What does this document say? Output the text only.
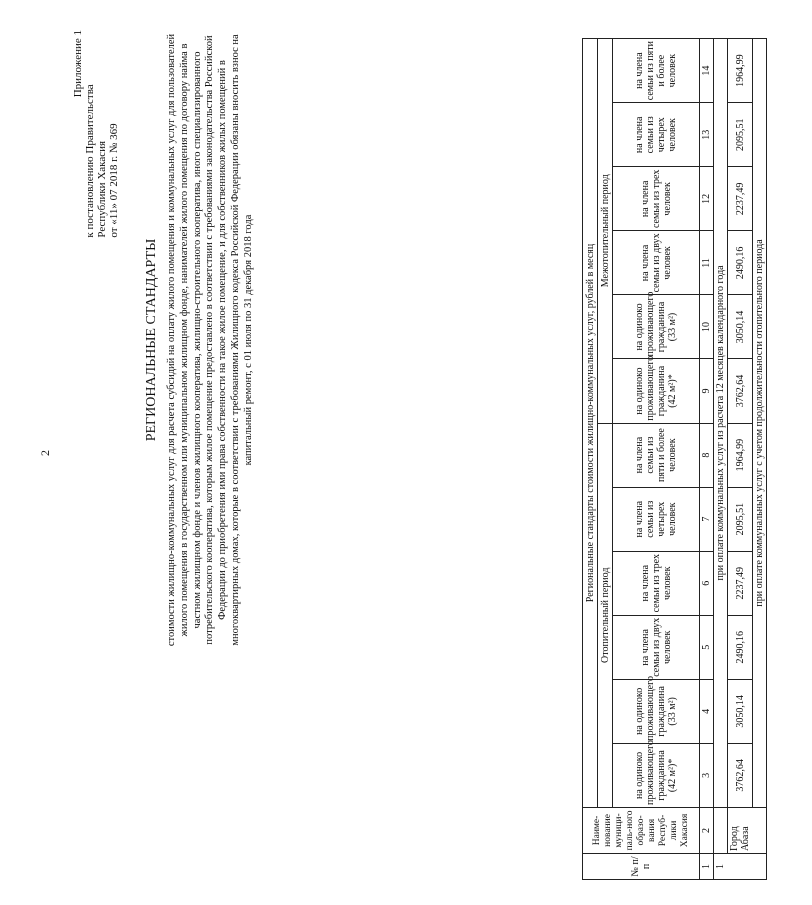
2
Приложение 1
к постановлению Правительства Республики Хакасия от «11» 07 2018 г. № 369
РЕГИОНАЛЬНЫЕ СТАНДАРТЫ стоимости жилищно-коммунальных услуг для расчета субсидий на оплату жилого помещения и коммунальных услуг для пользователей жилого помещения в государственном или муниципальном жилищном фонде, нанимателей жилого помещения по договору найма в частном жилищном фонде и членов жилищного кооператива, жилищно-строительного кооператива, иного специализированного потребительского кооператива, которым жилое помещение предоставлено в соответствии с требованиями законодательства Российской Федерации до приобретения ими права собственности на такое жилое помещение, и для собственников жилых помещений в многоквартирных домах, которые в соответствии с требованиями Жилищного кодекса Российской Федерации обязаны вносить взнос на капитальный ремонт, с 01 июля по 31 декабря 2018 года
№ п/п	Наиме-нование муници-паль-ного образо-вания Респуб-лики Хакасия	Региональные стандарты стоимости жилищно-коммунальных услуг, рублей в месяц											
		Отопительный период						Межотопительный период					
		на одиноко проживающего гражданина (42 м²)*	на одиноко проживающего гражданина (33 м²)	на члена семьи из двух человек	на члена семьи из трех человек	на члена семьи из четырех человек	на члена семьи из пяти и более человек	на одиноко проживающего гражданина (42 м²)*	на одиноко проживающего гражданина (33 м²)	на члена семьи из двух человек	на члена семьи из трех человек	на члена семьи из четырех человек	на члена семьи из пяти и более человек
1	2	3	4	5	6	7	8	9	10	11	12	13	14
1		при оплате коммунальных услуг из расчета 12 месяцев календарного года											
	Город Абаза	3762,64	3050,14	2490,16	2237,49	2095,51	1964,99	3762,64	3050,14	2490,16	2237,49	2095,51	1964,99
		при оплате коммунальных услуг с учетом продолжительности отопительного периода											
